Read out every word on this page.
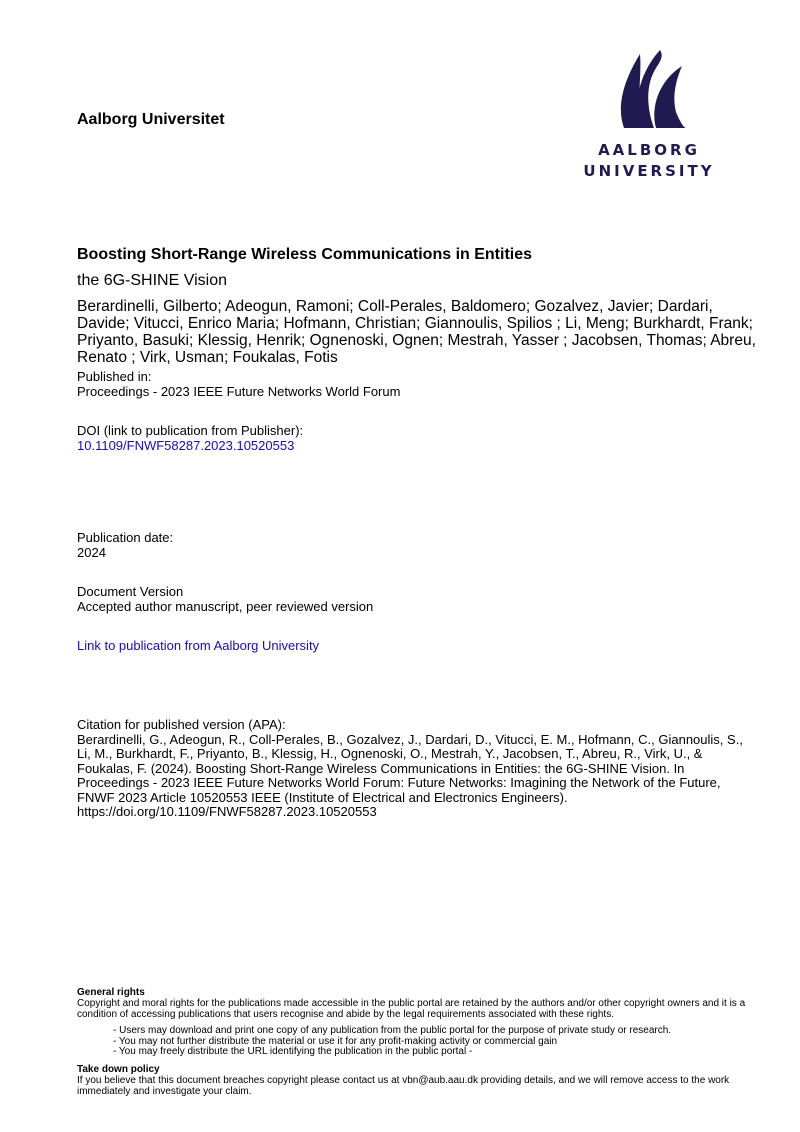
Aalborg Universitet
AALBORG
UNIVERSITY
Boosting Short-Range Wireless Communications in Entities
the 6G-SHINE Vision
Berardinelli, Gilberto; Adeogun, Ramoni; Coll-Perales, Baldomero; Gozalvez, Javier; Dardari, Davide; Vitucci, Enrico Maria; Hofmann, Christian; Giannoulis, Spilios ; Li, Meng; Burkhardt, Frank; Priyanto, Basuki; Klessig, Henrik; Ognenoski, Ognen; Mestrah, Yasser ; Jacobsen, Thomas; Abreu, Renato ; Virk, Usman; Foukalas, Fotis
Published in:
Proceedings - 2023 IEEE Future Networks World Forum
DOI (link to publication from Publisher):
10.1109/FNWF58287.2023.10520553
Publication date:
2024
Document Version
Accepted author manuscript, peer reviewed version
Link to publication from Aalborg University
Citation for published version (APA):
Berardinelli, G., Adeogun, R., Coll-Perales, B., Gozalvez, J., Dardari, D., Vitucci, E. M., Hofmann, C., Giannoulis, S., Li, M., Burkhardt, F., Priyanto, B., Klessig, H., Ognenoski, O., Mestrah, Y., Jacobsen, T., Abreu, R., Virk, U., & Foukalas, F. (2024). Boosting Short-Range Wireless Communications in Entities: the 6G-SHINE Vision. In Proceedings - 2023 IEEE Future Networks World Forum: Future Networks: Imagining the Network of the Future, FNWF 2023 Article 10520553 IEEE (Institute of Electrical and Electronics Engineers). https://doi.org/10.1109/FNWF58287.2023.10520553
General rights
Copyright and moral rights for the publications made accessible in the public portal are retained by the authors and/or other copyright owners and it is a condition of accessing publications that users recognise and abide by the legal requirements associated with these rights.
- Users may download and print one copy of any publication from the public portal for the purpose of private study or research.
- You may not further distribute the material or use it for any profit-making activity or commercial gain
- You may freely distribute the URL identifying the publication in the public portal -
Take down policy
If you believe that this document breaches copyright please contact us at vbn@aub.aau.dk providing details, and we will remove access to the work immediately and investigate your claim.
